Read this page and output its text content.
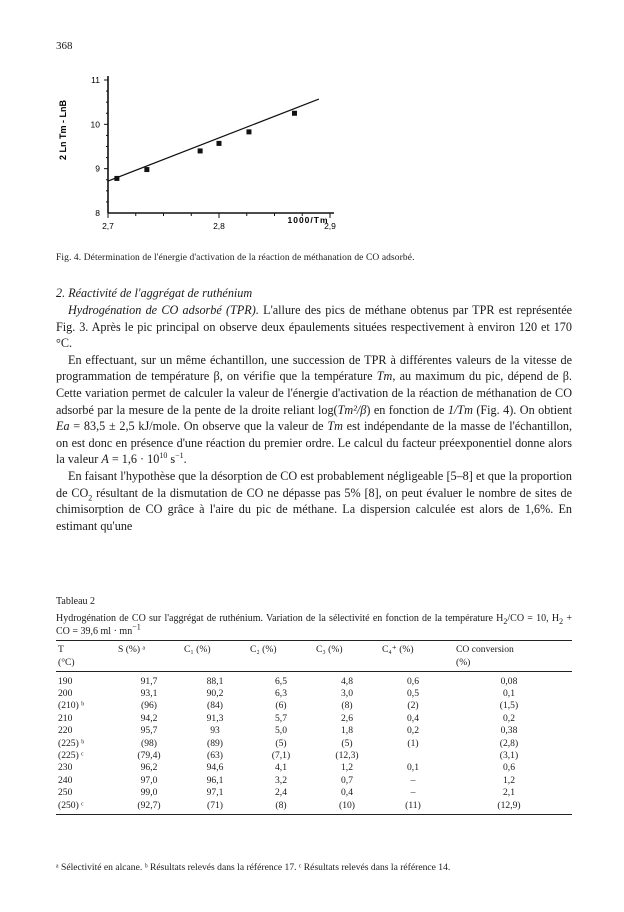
368
8
9
10
11
2,7	2,8	2,9
2 Ln Tm - LnB
1000/Tm
Fig. 4. Détermination de l'énergie d'activation de la réaction de méthanation de CO adsorbé.
2. Réactivité de l'aggrégat de ruthénium

Hydrogénation de CO adsorbé (TPR). L'allure des pics de méthane obtenus par TPR est représentée Fig. 3. Après le pic principal on observe deux épaulements situées respectivement à environ 120 et 170 °C.

En effectuant, sur un même échantillon, une succession de TPR à différentes valeurs de la vitesse de programmation de température β, on vérifie que la température Tm, au maximum du pic, dépend de β. Cette variation permet de calculer la valeur de l'énergie d'activation de la réaction de méthanation de CO adsorbé par la mesure de la pente de la droite reliant log(Tm²/β) en fonction de 1/Tm (Fig. 4). On obtient Ea = 83,5 ± 2,5 kJ/mole. On observe que la valeur de Tm est indépendante de la masse de l'échantillon, on est donc en présence d'une réaction du premier ordre. Le calcul du facteur préexponentiel donne alors la valeur $A = 1,6 \cdot 10^{10}$ $s^{-1}$.

En faisant l'hypothèse que la désorption de CO est probablement négligeable [5–8] et que la proportion de $CO_2$ résultant de la dismutation de CO ne dépasse pas 5% [8], on peut évaluer le nombre de sites de chimisorption de CO grâce à l'aire du pic de méthane. La dispersion calculée est alors de 1,6%. En estimant qu'une

Tableau 2
Hydrogénation de CO sur l'aggrégat de ruthénium. Variation de la sélectivité en fonction de la température $H_2/CO = 10$, $H_2$ + CO = 39,6 ml · $mn^{-1}$
T	S (%) ᵃ	C₁ (%)	C₂ (%)	C₃ (%)	C₄⁺ (%)	CO conversion
(°C)						(%)
190	91,7	88,1	6,5	4,8	0,6	0,08
200	93,1	90,2	6,3	3,0	0,5	0,1
(210) ᵇ	(96)	(84)	(6)	(8)	(2)	(1,5)
210	94,2	91,3	5,7	2,6	0,4	0,2
220	95,7	93	5,0	1,8	0,2	0,38
(225) ᵇ	(98)	(89)	(5)	(5)	(1)	(2,8)
(225) ᶜ	(79,4)	(63)	(7,1)	(12,3)		(3,1)
230	96,2	94,6	4,1	1,2	0,1	0,6
240	97,0	96,1	3,2	0,7	–	1,2
250	99,0	97,1	2,4	0,4	–	2,1
(250) ᶜ	(92,7)	(71)	(8)	(10)	(11)	(12,9)
ᵃ Sélectivité en alcane. ᵇ Résultats relevés dans la référence 17. ᶜ Résultats relevés dans la référence 14.
